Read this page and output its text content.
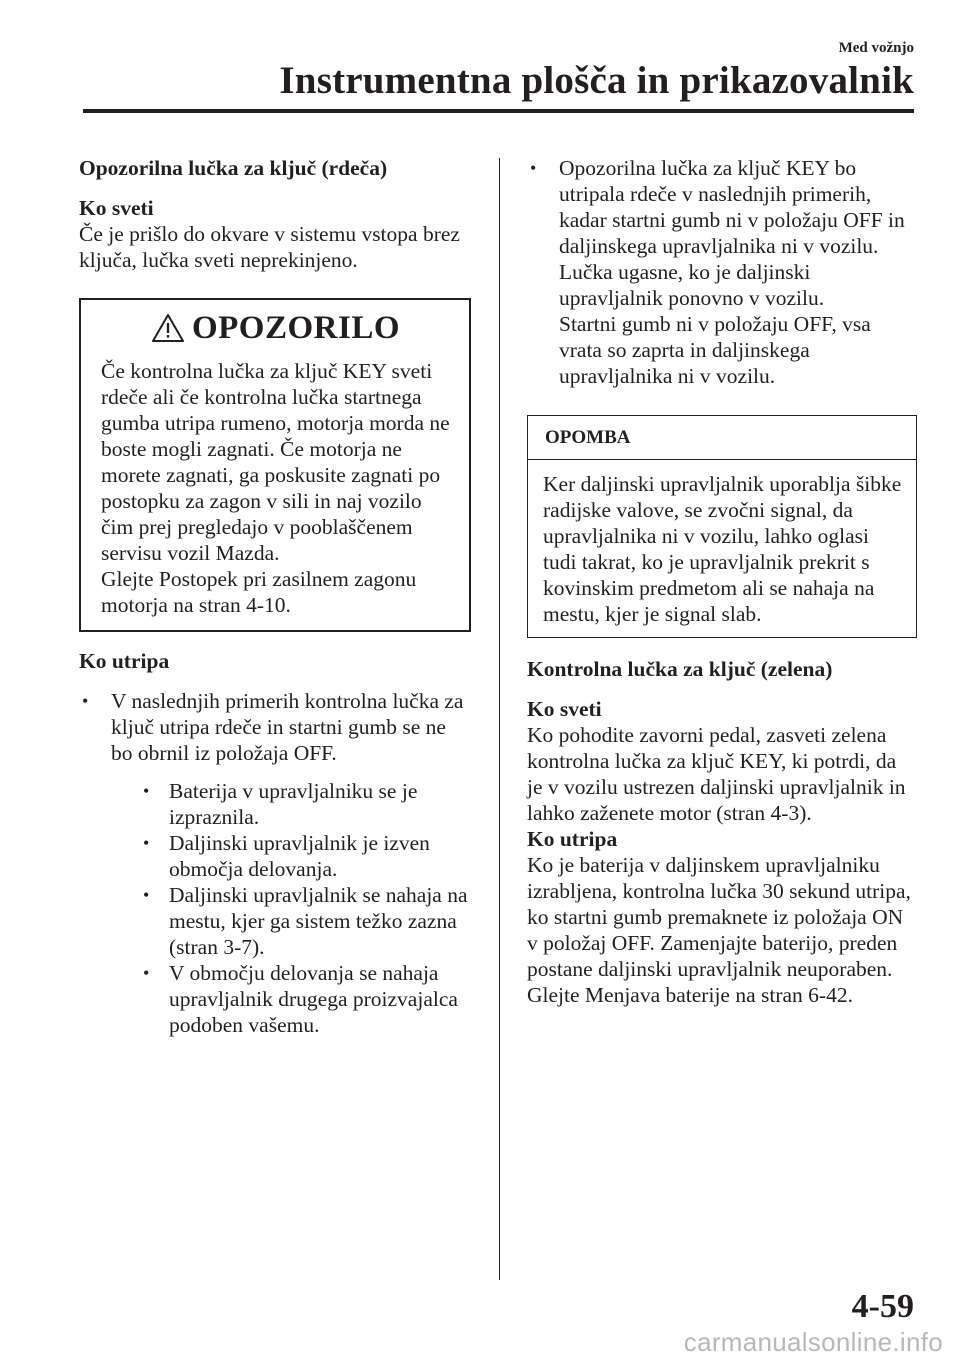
Med vožnjo
Instrumentna plošča in prikazovalnik
Opozorilna lučka za ključ (rdeča)
Ko sveti

Če je prišlo do okvare v sistemu vstopa brez ključa, lučka sveti neprekinjeno.

OPOZORILO

Če kontrolna lučka za ključ KEY sveti rdeče ali če kontrolna lučka startnega gumba utripa rumeno, motorja morda ne boste mogli zagnati. Če motorja ne morete zagnati, ga poskusite zagnati po postopku za zagon v sili in naj vozilo čim prej pregledajo v pooblaščenem servisu vozil Mazda.

Glejte Postopek pri zasilnem zagonu motorja na stran 4-10.

Ko utripa
• V naslednjih primerih kontrolna lučka za ključ utripa rdeče in startni gumb se ne bo obrnil iz položaja OFF.
• Baterija v upravljalniku se je izpraznila.
• Daljinski upravljalnik je izven območja delovanja.
• Daljinski upravljalnik se nahaja na mestu, kjer ga sistem težko zazna (stran 3-7).
• V območju delovanja se nahaja upravljalnik drugega proizvajalca podoben vašemu.

• Opozorilna lučka za ključ KEY bo utripala rdeče v naslednjih primerih, kadar startni gumb ni v položaju OFF in daljinskega upravljalnika ni v vozilu. Lučka ugasne, ko je daljinski upravljalnik ponovno v vozilu.

Startni gumb ni v položaju OFF, vsa vrata so zaprta in daljinskega upravljalnika ni v vozilu.

OPOMBA
Ker daljinski upravljalnik uporablja šibke radijske valove, se zvočni signal, da upravljalnika ni v vozilu, lahko oglasi tudi takrat, ko je upravljalnik prekrit s kovinskim predmetom ali se nahaja na mestu, kjer je signal slab.
Kontrolna lučka za ključ (zelena)
Ko sveti

Ko pohodite zavorni pedal, zasveti zelena kontrolna lučka za ključ KEY, ki potrdi, da je v vozilu ustrezen daljinski upravljalnik in lahko zaženete motor (stran 4-3).

Ko utripa

Ko je baterija v daljinskem upravljalniku izrabljena, kontrolna lučka 30 sekund utripa, ko startni gumb premaknete iz položaja ON v položaj OFF. Zamenjajte baterijo, preden postane daljinski upravljalnik neuporaben.

Glejte Menjava baterije na stran 6-42.

4-59
carmanualsonline.info
